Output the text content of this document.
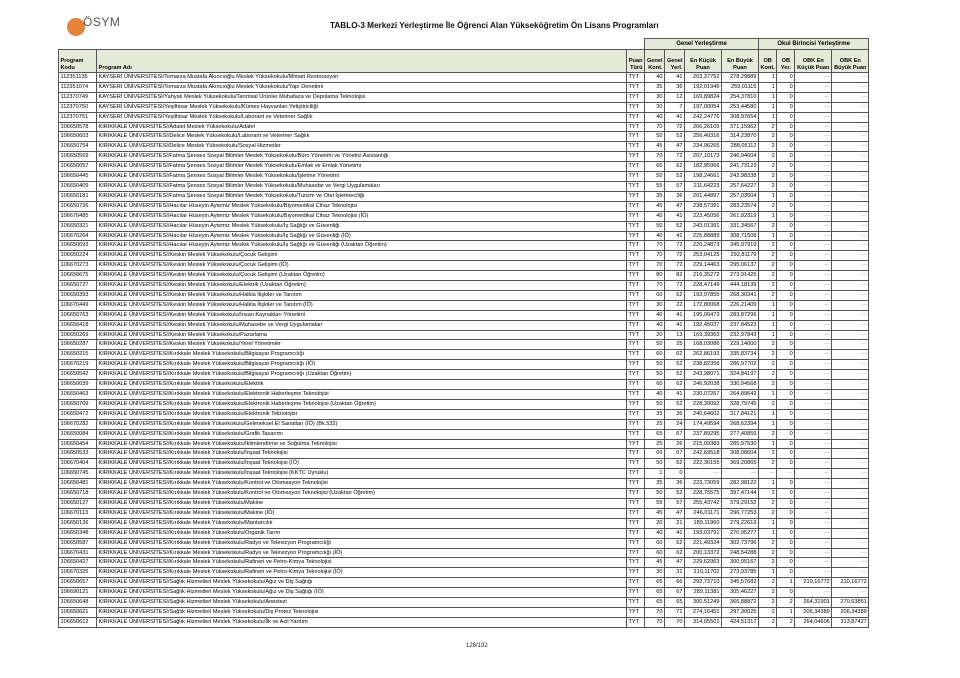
ÖSYM	TABLO-3 Merkezi Yerleştirme İle Öğrenci Alan Yükseköğretim Ön Lisans Programları
			Genel Yerleştirme				Okul Birincisi Yerleştirme			
Program Kodu	Program Adı	Puan Türü	Genel Kont.	Genel Yerl.	En Küçük Puan	En Büyük Puan	OB Kont.	OB Yer.	OBK En Küçük Puan	OBK En Büyük Puan
112351135	KAYSERİ ÜNİVERSİTESİ/Tomarza Mustafa Akıncıoğlu Meslek Yüksekokulu/Mimari Restorasyon	TYT	40	41	203,37752	278,29889	1	0	---	---
112351074	KAYSERİ ÜNİVERSİTESİ/Tomarza Mustafa Akıncıoğlu Meslek Yüksekokulu/Yapı Denetimi	TYT	35	36	192,01946	259,01115	1	0	---	---
112370749	KAYSERİ ÜNİVERSİTESİ/Yahyalı Meslek Yüksekokulu/Tarımsal Ürünler Muhafaza ve Depolama Teknolojisi	TYT	30	12	169,89824	254,37810	1	0	---	---
112370750	KAYSERİ ÜNİVERSİTESİ/Yeşilhisar Meslek Yüksekokulu/Kümes Hayvanları Yetiştiriciliği	TYT	30	7	197,00054	253,44580	1	0	---	---
112370751	KAYSERİ ÜNİVERSİTESİ/Yeşilhisar Meslek Yüksekokulu/Laborant ve Veteriner Sağlık	TYT	40	41	242,24776	308,97654	1	0	---	---
106650578	KIRIKKALE ÜNİVERSİTESİ/Adalet Meslek Yüksekokulu/Adalet	TYT	70	72	266,26105	371,15962	2	0	---	---
106650603	KIRIKKALE ÜNİVERSİTESİ/Delice Meslek Yüksekokulu/Laborant ve Veteriner Sağlık	TYT	50	52	256,40316	314,23870	2	0	---	---
106650754	KIRIKKALE ÜNİVERSİTESİ/Delice Meslek Yüksekokulu/Sosyal Hizmetler	TYT	45	47	234,96265	288,05112	2	0	---	---
106650569	KIRIKKALE ÜNİVERSİTESİ/Fatma Şenses Sosyal Bilimler Meslek Yüksekokulu/Büro Yönetimi ve Yönetici Asistanlığı	TYT	70	72	207,10173	246,94604	2	0	---	---
106650057	KIRIKKALE ÜNİVERSİTESİ/Fatma Şenses Sosyal Bilimler Meslek Yüksekokulu/Emlak ve Emlak Yönetimi	TYT	60	62	182,95966	241,73123	2	0	---	---
106650445	KIRIKKALE ÜNİVERSİTESİ/Fatma Şenses Sosyal Bilimler Meslek Yüksekokulu/İşletme Yönetimi	TYT	50	52	198,24661	242,98338	2	0	---	---
106650409	KIRIKKALE ÜNİVERSİTESİ/Fatma Şenses Sosyal Bilimler Meslek Yüksekokulu/Muhasebe ve Vergi Uygulamaları	TYT	55	57	211,64223	257,64227	2	0	---	---
106650181	KIRIKKALE ÜNİVERSİTESİ/Fatma Şenses Sosyal Bilimler Meslek Yüksekokulu/Turizm ve Otel İşletmeciliği	TYT	35	36	201,44897	257,03504	1	0	---	---
106650736	KIRIKKALE ÜNİVERSİTESİ/Hacılar Hüseyin Aytemiz Meslek Yüksekokulu/Biyomedikal Cihaz Teknolojisi	TYT	45	47	238,57391	283,23574	2	0	---	---
106670485	KIRIKKALE ÜNİVERSİTESİ/Hacılar Hüseyin Aytemiz Meslek Yüksekokulu/Biyomedikal Cihaz Teknolojisi (İÖ)	TYT	40	41	223,45056	261,92319	1	0	---	---
106650321	KIRIKKALE ÜNİVERSİTESİ/Hacılar Hüseyin Aytemiz Meslek Yüksekokulu/İş Sağlığı ve Güvenliği	TYT	50	52	243,01391	331,34567	2	0	---	---
106670264	KIRIKKALE ÜNİVERSİTESİ/Hacılar Hüseyin Aytemiz Meslek Yüksekokulu/İş Sağlığı ve Güvenliği (İÖ)	TYT	40	41	225,88889	308,71508	1	0	---	---
106650693	KIRIKKALE ÜNİVERSİTESİ/Hacılar Hüseyin Aytemiz Meslek Yüksekokulu/İş Sağlığı ve Güvenliği (Uzaktan Öğretim)	TYT	70	72	220,24873	345,97919	2	0	---	---
106650224	KIRIKKALE ÜNİVERSİTESİ/Keskin Meslek Yüksekokulu/Çocuk Gelişimi	TYT	70	72	253,04125	292,81179	2	0	---	---
106670273	KIRIKKALE ÜNİVERSİTESİ/Keskin Meslek Yüksekokulu/Çocuk Gelişimi (İÖ)	TYT	70	72	229,14463	295,06137	2	0	---	---
106650675	KIRIKKALE ÜNİVERSİTESİ/Keskin Meslek Yüksekokulu/Çocuk Gelişimi (Uzaktan Öğretim)	TYT	80	82	216,35272	273,91425	2	0	---	---
106650727	KIRIKKALE ÜNİVERSİTESİ/Keskin Meslek Yüksekokulu/Elektrik (Uzaktan Öğretim)	TYT	70	72	228,47149	444,18139	2	0	---	---
106650393	KIRIKKALE ÜNİVERSİTESİ/Keskin Meslek Yüksekokulu/Halkla İlişkiler ve Tanıtım	TYT	60	62	193,97855	268,30341	2	0	---	---
106670449	KIRIKKALE ÜNİVERSİTESİ/Keskin Meslek Yüksekokulu/Halkla İlişkiler ve Tanıtım (İÖ)	TYT	30	22	172,80068	226,21409	1	0	---	---
106650763	KIRIKKALE ÜNİVERSİTESİ/Keskin Meslek Yüksekokulu/İnsan Kaynakları Yönetimi	TYT	40	41	195,00473	283,87296	1	0	---	---
106650418	KIRIKKALE ÜNİVERSİTESİ/Keskin Meslek Yüksekokulu/Muhasebe ve Vergi Uygulamaları	TYT	40	41	192,45037	237,84523	1	0	---	---
106650269	KIRIKKALE ÜNİVERSİTESİ/Keskin Meslek Yüksekokulu/Pazarlama	TYT	20	13	169,39363	232,97843	1	0	---	---
106650287	KIRIKKALE ÜNİVERSİTESİ/Keskin Meslek Yüksekokulu/Yerel Yönetimler	TYT	50	25	168,03086	229,14000	2	0	---	---
106650215	KIRIKKALE ÜNİVERSİTESİ/Kırıkkale Meslek Yüksekokulu/Bilgisayar Programcılığı	TYT	60	62	262,86193	335,83734	2	0	---	---
106670219	KIRIKKALE ÜNİVERSİTESİ/Kırıkkale Meslek Yüksekokulu/Bilgisayar Programcılığı (İÖ)	TYT	50	52	238,82356	286,97702	2	0	---	---
106650542	KIRIKKALE ÜNİVERSİTESİ/Kırıkkale Meslek Yüksekokulu/Bilgisayar Programcılığı (Uzaktan Öğretim)	TYT	50	52	243,98071	324,84197	2	0	---	---
106650039	KIRIKKALE ÜNİVERSİTESİ/Kırıkkale Meslek Yüksekokulu/Elektrik	TYT	60	62	246,92038	330,94568	2	0	---	---
106650463	KIRIKKALE ÜNİVERSİTESİ/Kırıkkale Meslek Yüksekokulu/Elektronik Haberleşme Teknolojisi	TYT	40	41	230,07267	264,89642	1	0	---	---
106650709	KIRIKKALE ÜNİVERSİTESİ/Kırıkkale Meslek Yüksekokulu/Elektronik Haberleşme Teknolojisi (Uzaktan Öğretim)	TYT	50	52	228,30092	328,79745	2	0	---	---
106650472	KIRIKKALE ÜNİVERSİTESİ/Kırıkkale Meslek Yüksekokulu/Elektronik Teknolojisi	TYT	35	36	240,64602	317,84121	1	0	---	---
106670282	KIRIKKALE ÜNİVERSİTESİ/Kırıkkale Meslek Yüksekokulu/Geleneksel El Sanatları (İÖ) (Bk.532)	TYT	25	24	174,49594	268,62394	1	0	---	---
106650084	KIRIKKALE ÜNİVERSİTESİ/Kırıkkale Meslek Yüksekokulu/Grafik Tasarımı	TYT	65	67	237,89295	277,40859	2	0	---	---
106650454	KIRIKKALE ÜNİVERSİTESİ/Kırıkkale Meslek Yüksekokulu/İklimlendirme ve Soğutma Teknolojisi	TYT	25	26	215,09383	285,97530	1	0	---	---
106650533	KIRIKKALE ÜNİVERSİTESİ/Kırıkkale Meslek Yüksekokulu/İnşaat Teknolojisi	TYT	65	67	242,69518	308,08604	2	0	---	---
106670404	KIRIKKALE ÜNİVERSİTESİ/Kırıkkale Meslek Yüksekokulu/İnşaat Teknolojisi (İÖ)	TYT	50	52	222,36155	369,20865	2	0	---	---
106650745	KIRIKKALE ÜNİVERSİTESİ/Kırıkkale Meslek Yüksekokulu/İnşaat Teknolojisi (KKTC Uyruklu)	TYT	1	0	---	---	---	---	---	---
106650481	KIRIKKALE ÜNİVERSİTESİ/Kırıkkale Meslek Yüksekokulu/Kontrol ve Otomasyon Teknolojisi	TYT	35	36	223,73059	282,98122	1	0	---	---
106650718	KIRIKKALE ÜNİVERSİTESİ/Kırıkkale Meslek Yüksekokulu/Kontrol ve Otomasyon Teknolojisi (Uzaktan Öğretim)	TYT	50	52	228,75575	397,47144	2	0	---	---
106650127	KIRIKKALE ÜNİVERSİTESİ/Kırıkkale Meslek Yüksekokulu/Makine	TYT	55	57	255,43742	379,29152	2	0	---	---
106670113	KIRIKKALE ÜNİVERSİTESİ/Kırıkkale Meslek Yüksekokulu/Makine (İÖ)	TYT	45	47	246,01171	296,77253	2	0	---	---
106650136	KIRIKKALE ÜNİVERSİTESİ/Kırıkkale Meslek Yüksekokulu/Mantarcılık	TYT	20	21	189,11960	279,22619	1	0	---	---
106650348	KIRIKKALE ÜNİVERSİTESİ/Kırıkkale Meslek Yüksekokulu/Organik Tarım	TYT	40	41	193,03791	270,95277	1	0	---	---
106650587	KIRIKKALE ÜNİVERSİTESİ/Kırıkkale Meslek Yüksekokulu/Radyo ve Televizyon Programcılığı	TYT	60	62	221,49324	302,73796	2	0	---	---
106670431	KIRIKKALE ÜNİVERSİTESİ/Kırıkkale Meslek Yüksekokulu/Radyo ve Televizyon Programcılığı (İÖ)	TYT	60	62	200,13372	248,54288	2	0	---	---
106650427	KIRIKKALE ÜNİVERSİTESİ/Kırıkkale Meslek Yüksekokulu/Rafineri ve Petro-Kimya Teknolojisi	TYT	45	47	229,62963	300,05167	2	0	---	---
106670325	KIRIKKALE ÜNİVERSİTESİ/Kırıkkale Meslek Yüksekokulu/Rafineri ve Petro-Kimya Teknolojisi (İÖ)	TYT	30	31	210,11702	273,93785	1	0	---	---
106650657	KIRIKKALE ÜNİVERSİTESİ/Sağlık Hizmetleri Meslek Yüksekokulu/Ağız ve Diş Sağlığı	TYT	65	66	292,73710	345,57682	2	1	210,16772	210,16772
106690121	KIRIKKALE ÜNİVERSİTESİ/Sağlık Hizmetleri Meslek Yüksekokulu/Ağız ve Diş Sağlığı (İÖ)	TYT	65	67	289,11381	305,46227	2	0	---	---
106650648	KIRIKKALE ÜNİVERSİTESİ/Sağlık Hizmetleri Meslek Yüksekokulu/Anestezi	TYT	65	65	300,51249	366,88872	2	2	264,31901	270,63851
106650621	KIRIKKALE ÜNİVERSİTESİ/Sağlık Hizmetleri Meslek Yüksekokulu/Diş Protez Teknolojisi	TYT	70	71	274,16451	297,30025	2	1	206,34389	206,34389
106650612	KIRIKKALE ÜNİVERSİTESİ/Sağlık Hizmetleri Meslek Yüksekokulu/İlk ve Acil Yardım	TYT	70	70	314,05501	424,51317	2	2	264,04606	313,87427
128/192
